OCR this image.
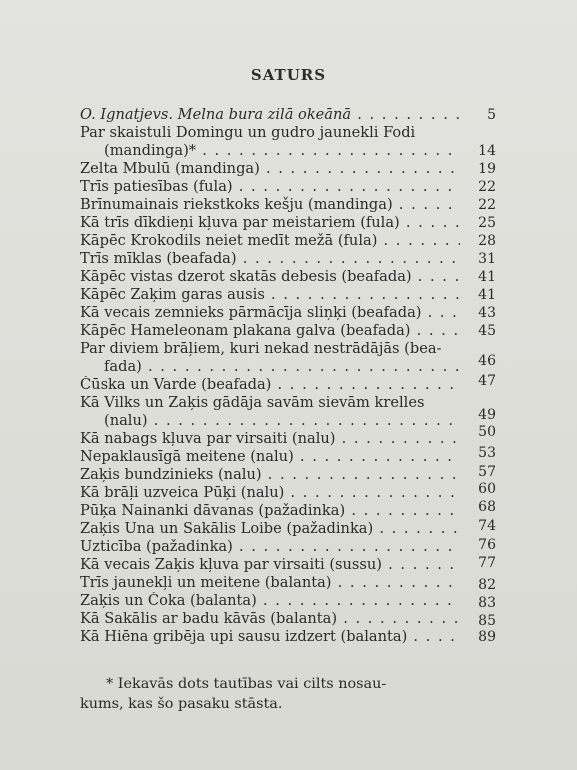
SATURS
O. Ignatjevs. Melna bura zilā okeānā . . .	5
Par skaistuli Domingu un gudro jaunekli Fodi
(mandinga)* . . .	14
Zelta Mbulū (mandinga) . . .	19
Trīs patiesības (fula) . . .	22
Brīnumainais riekstkoks kešju (mandinga) . . .	22
Kā trīs dīkdieņi kļuva par meistariem (fula) . . .	25
Kāpēc Krokodils neiet medīt mežā (fula) . . .	28
Trīs mīklas (beafada) . . .	31
Kāpēc vistas dzerot skatās debesis (beafada) . . .	41
Kāpēc Zaķim garas ausis . . .	41
Kā vecais zemnieks pārmācīja sliņķi (beafada) . . .	43
Kāpēc Hameleonam plakana galva (beafada) . . .	45
Par diviem brāļiem, kuri nekad nestrādājās (bea-
fada) . . .	46
Čūska un Varde (beafada) . . .	47
Kā Vilks un Zaķis gādāja savām sievām krelles
(nalu) . . .	49
Kā nabags kļuva par virsaiti (nalu) . . .	50
Nepaklausīgā meitene (nalu) . . .	53
Zaķis bundzinieks (nalu) . . .	57
Kā brāļi uzveica Pūķi (nalu) . . .	60
Pūķa Nainanki dāvanas (pažadinka) . . .	68
Zaķis Una un Sakālis Loibe (pažadinka) . . .	74
Uzticība (pažadinka) . . .	76
Kā vecais Zaķis kļuva par virsaiti (sussu) . . .	77
Trīs jaunekļi un meitene (balanta) . . .	82
Zaķis un Čoka (balanta) . . .	83
Kā Sakālis ar badu kāvās (balanta) . . .	85
Kā Hiēna gribēja upi sausu izdzert (balanta) . . .	89
* Iekavās dots tautības vai cilts nosau-
kums, kas šo pasaku stāsta.
